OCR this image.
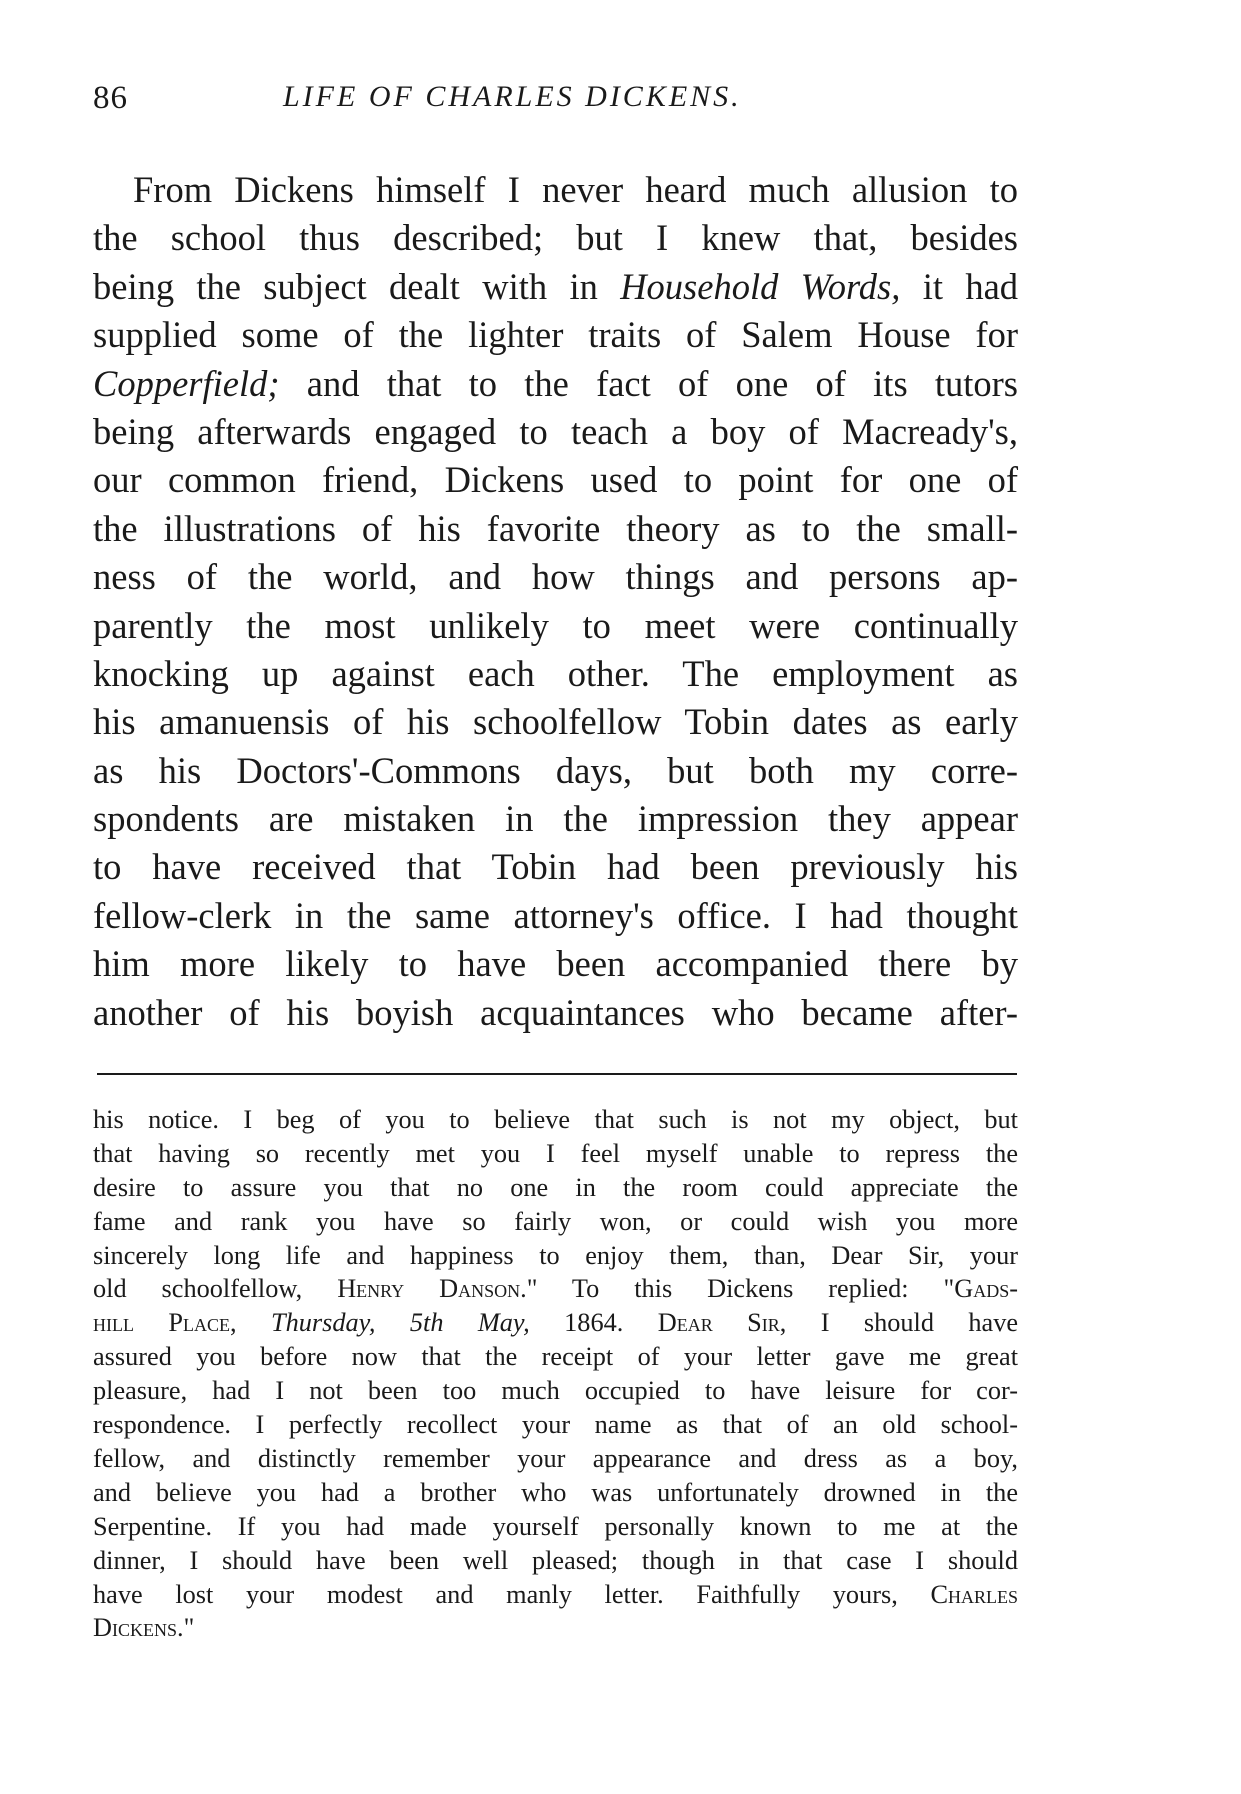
86	LIFE OF CHARLES DICKENS.
From Dickens himself I never heard much allusion to
the school thus described; but I knew that, besides
being the subject dealt with in Household Words, it had
supplied some of the lighter traits of Salem House for
Copperfield; and that to the fact of one of its tutors
being afterwards engaged to teach a boy of Macready's,
our common friend, Dickens used to point for one of
the illustrations of his favorite theory as to the small-
ness of the world, and how things and persons ap-
parently the most unlikely to meet were continually
knocking up against each other. The employment as
his amanuensis of his schoolfellow Tobin dates as early
as his Doctors'-Commons days, but both my corre-
spondents are mistaken in the impression they appear
to have received that Tobin had been previously his
fellow-clerk in the same attorney's office. I had thought
him more likely to have been accompanied there by
another of his boyish acquaintances who became after-
his notice. I beg of you to believe that such is not my object, but
that having so recently met you I feel myself unable to repress the
desire to assure you that no one in the room could appreciate the
fame and rank you have so fairly won, or could wish you more
sincerely long life and happiness to enjoy them, than, Dear Sir, your
old schoolfellow, Henry Danson." To this Dickens replied: "Gads-
hill Place, Thursday, 5th May, 1864. Dear Sir, I should have
assured you before now that the receipt of your letter gave me great
pleasure, had I not been too much occupied to have leisure for cor-
respondence. I perfectly recollect your name as that of an old school-
fellow, and distinctly remember your appearance and dress as a boy,
and believe you had a brother who was unfortunately drowned in the
Serpentine. If you had made yourself personally known to me at the
dinner, I should have been well pleased; though in that case I should
have lost your modest and manly letter. Faithfully yours, Charles
Dickens."
